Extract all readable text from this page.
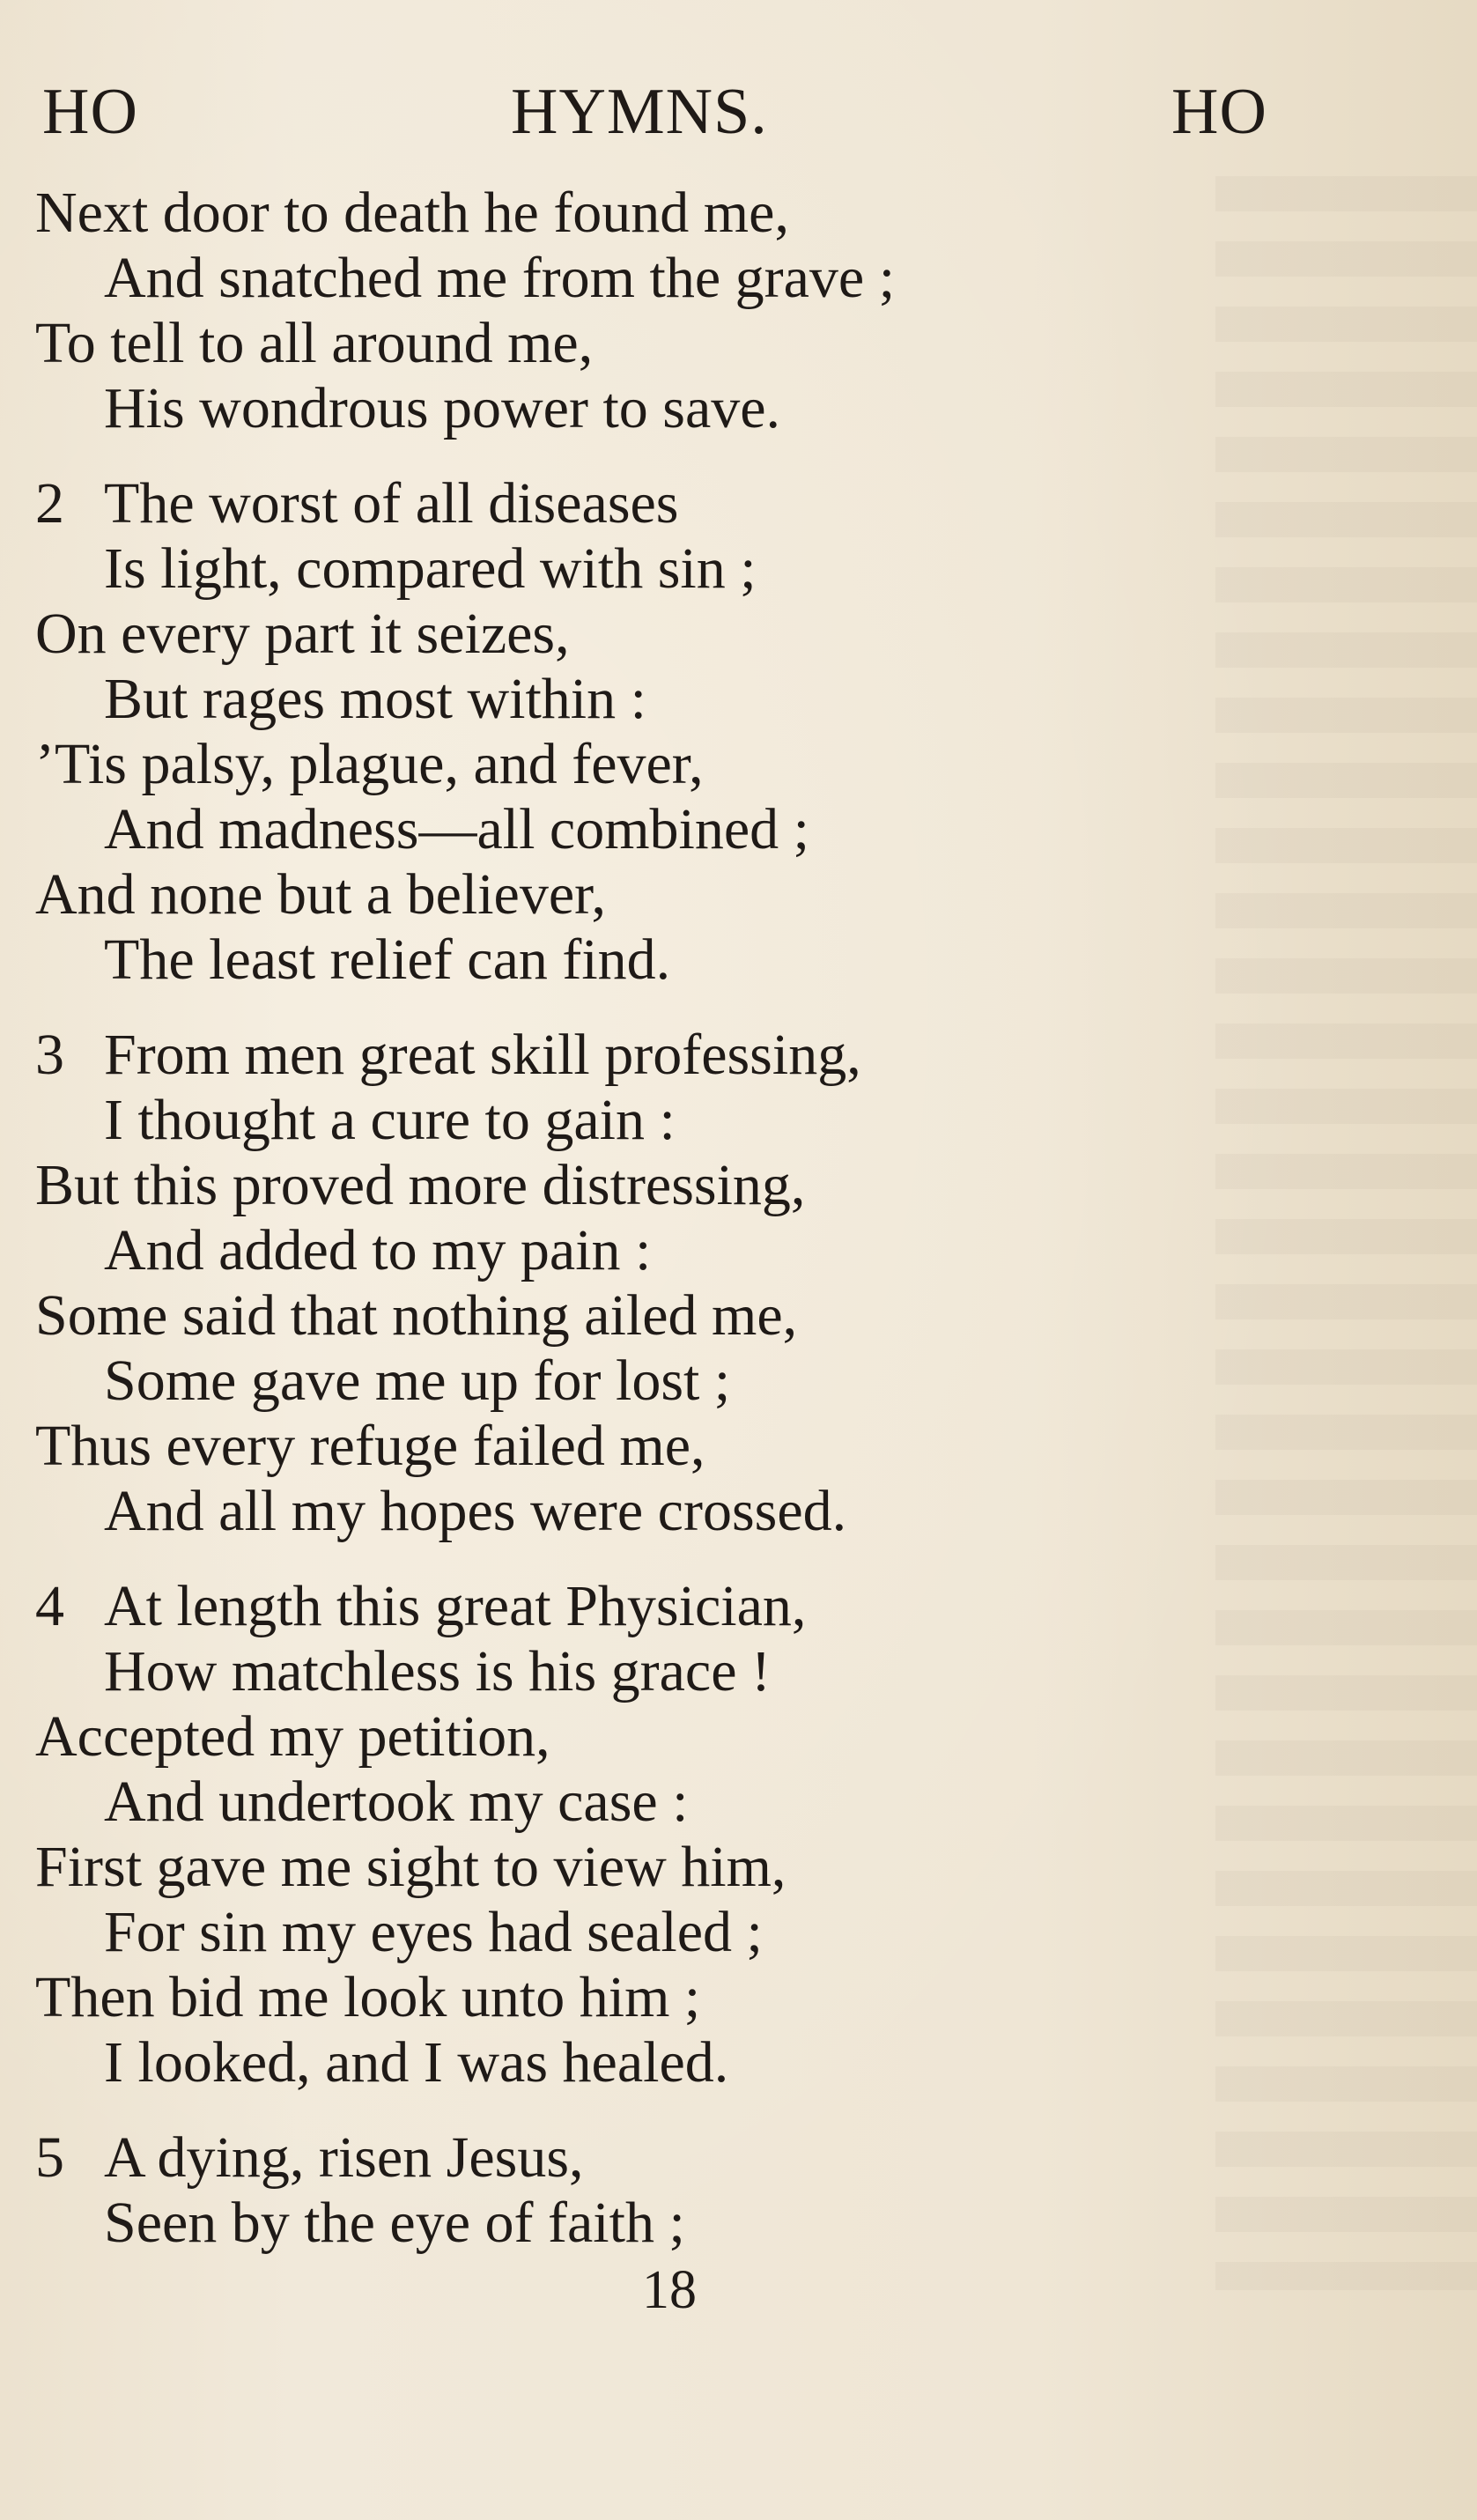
HO	HYMNS.	HO
Next door to death he found me,
And snatched me from the grave ;
To tell to all around me,
His wondrous power to save.
2 The worst of all diseases
Is light, compared with sin ;
On every part it seizes,
But rages most within :
’Tis palsy, plague, and fever,
And madness—all combined ;
And none but a believer,
The least relief can find.
3 From men great skill professing,
I thought a cure to gain :
But this proved more distressing,
And added to my pain :
Some said that nothing ailed me,
Some gave me up for lost ;
Thus every refuge failed me,
And all my hopes were crossed.
4 At length this great Physician,
How matchless is his grace !
Accepted my petition,
And undertook my case :
First gave me sight to view him,
For sin my eyes had sealed ;
Then bid me look unto him ;
I looked, and I was healed.
5 A dying, risen Jesus,
Seen by the eye of faith ;
18
